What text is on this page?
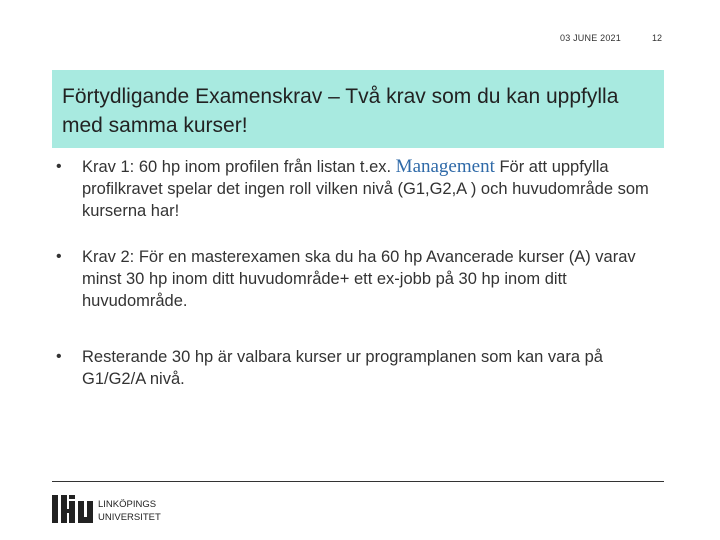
03 JUNE 2021	12
Förtydligande Examenskrav – Två krav som du kan uppfylla med samma kurser!
• Krav 1: 60 hp inom profilen från listan t.ex. Management För att uppfylla profilkravet spelar det ingen roll vilken nivå (G1,G2,A ) och huvudområde som kurserna har!
• Krav 2: För en masterexamen ska du ha 60 hp Avancerade kurser (A) varav minst 30 hp inom ditt huvudområde+ ett ex-jobb på 30 hp inom ditt huvudområde.
• Resterande 30 hp är valbara kurser ur programplanen som kan vara på G1/G2/A nivå.
LINKÖPINGS
UNIVERSITET
